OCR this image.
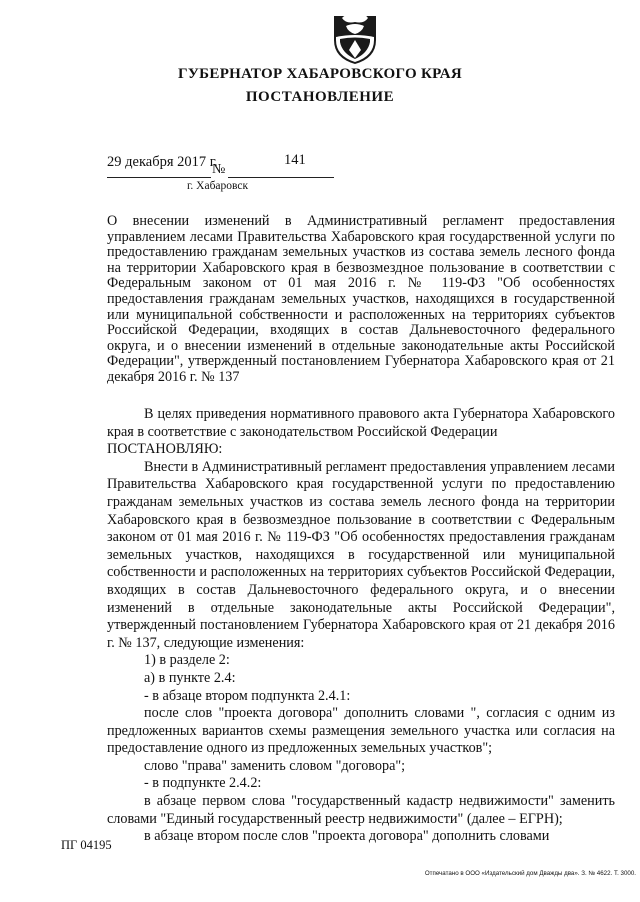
ГУБЕРНАТОР ХАБАРОВСКОГО КРАЯ
ПОСТАНОВЛЕНИЕ
29 декабря 2017 г.
№
141
г. Хабаровск
О внесении изменений в Административный регламент предоставления управлением лесами Правительства Хабаровского края государственной услуги по предоставлению гражданам земельных участков из состава земель лесного фонда на территории Хабаровского края в безвозмездное пользование в соответствии с Федеральным законом от 01 мая 2016 г. № 119-ФЗ "Об особенностях предоставления гражданам земельных участков, находящихся в государственной или муниципальной собственности и расположенных на территориях субъектов Российской Федерации, входящих в состав Дальневосточного федерального округа, и о внесении изменений в отдельные законодательные акты Российской Федерации", утвержденный постановлением Губернатора Хабаровского края от 21 декабря 2016 г. № 137

В целях приведения нормативного правового акта Губернатора Хабаровского края в соответствие с законодательством Российской Федерации

ПОСТАНОВЛЯЮ:

Внести в Административный регламент предоставления управлением лесами Правительства Хабаровского края государственной услуги по предоставлению гражданам земельных участков из состава земель лесного фонда на территории Хабаровского края в безвозмездное пользование в соответствии с Федеральным законом от 01 мая 2016 г. № 119-ФЗ "Об особенностях предоставления гражданам земельных участков, находящихся в государственной или муниципальной собственности и расположенных на территориях субъектов Российской Федерации, входящих в состав Дальневосточного федерального округа, и о внесении изменений в отдельные законодательные акты Российской Федерации", утвержденный постановлением Губернатора Хабаровского края от 21 декабря 2016 г. № 137, следующие изменения:

1) в разделе 2:

а) в пункте 2.4:

- в абзаце втором подпункта 2.4.1:

после слов "проекта договора" дополнить словами ", согласия с одним из предложенных вариантов схемы размещения земельного участка или согласия на предоставление одного из предложенных земельных участков";

слово "права" заменить словом "договора";

- в подпункте 2.4.2:

в абзаце первом слова "государственный кадастр недвижимости" заменить словами "Единый государственный реестр недвижимости" (далее – ЕГРН);

в абзаце втором после слов "проекта договора" дополнить словами

ПГ 04195
Отпечатано в ООО «Издательский дом Дважды два». З. № 4622. Т. 3000.
